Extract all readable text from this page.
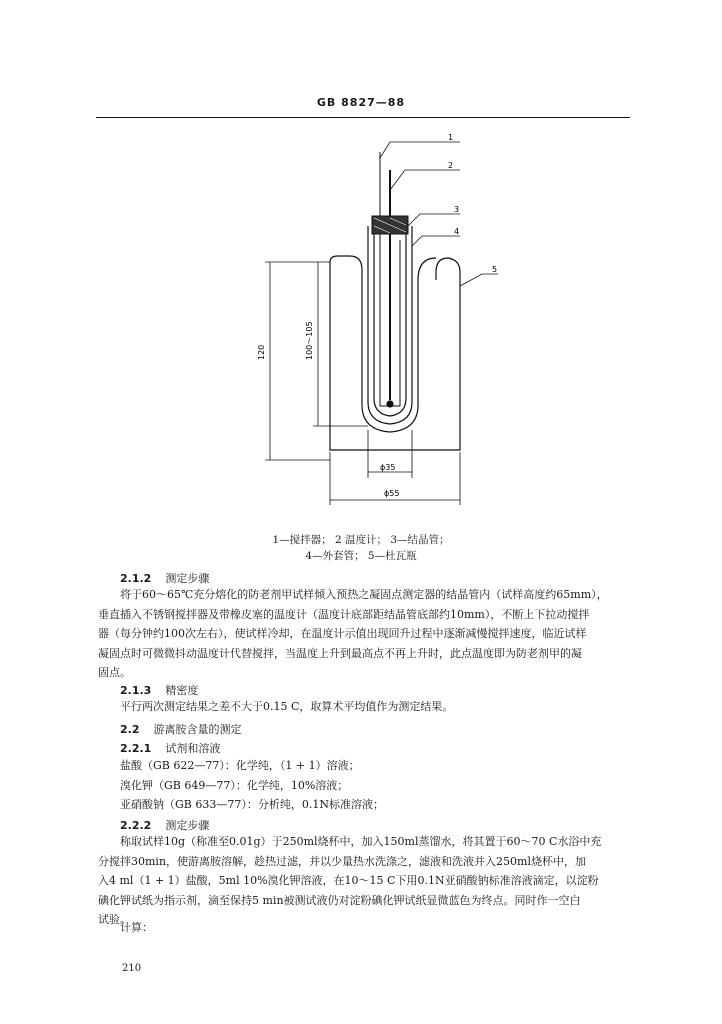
GB 8827—88
1
2
3
4
5
120	100～105
ϕ35
ϕ55
1—搅拌器； 2 温度计； 3—结晶管；
4—外套管； 5—杜瓦瓶
2.1.2 测定步骤
将于60～65℃充分熔化的防老剂甲试样倾入预热之凝固点测定器的结晶管内（试样高度约65mm），
垂直插入不锈钢搅拌器及带橡皮塞的温度计（温度计底部距结晶管底部约10mm），不断上下拉动搅拌
器（每分钟约100次左右），使试样冷却，在温度计示值出现回升过程中逐渐减慢搅拌速度，临近试样
凝固点时可微微抖动温度计代替搅拌，当温度上升到最高点不再上升时，此点温度即为防老剂甲的凝
固点。
2.1.3 精密度
平行两次测定结果之差不大于0.15 C，取算术平均值作为测定结果。
2.2 游离胺含量的测定
2.2.1 试剂和溶液
盐酸（GB 622—77）：化学纯，（1 + 1）溶液；
溴化钾（GB 649—77）：化学纯，10%溶液；
亚硝酸钠（GB 633—77）：分析纯，0.1N标准溶液；
2.2.2 测定步骤
称取试样10g（称准至0.01g）于250ml烧杯中，加入150ml蒸馏水，将其置于60～70 C水浴中充
分搅拌30min，使游离胺溶解，趁热过滤，并以少量热水洗涤之，滤液和洗液并入250ml烧杯中，加
入4 ml（1 + 1）盐酸，5ml 10%溴化钾溶液，在10～15 C下用0.1N亚硝酸钠标准溶液滴定，以淀粉
碘化钾试纸为指示剂，滴至保持5 min被测试液仍对淀粉碘化钾试纸显微蓝色为终点。同时作一空白
试验。
计算：
210
